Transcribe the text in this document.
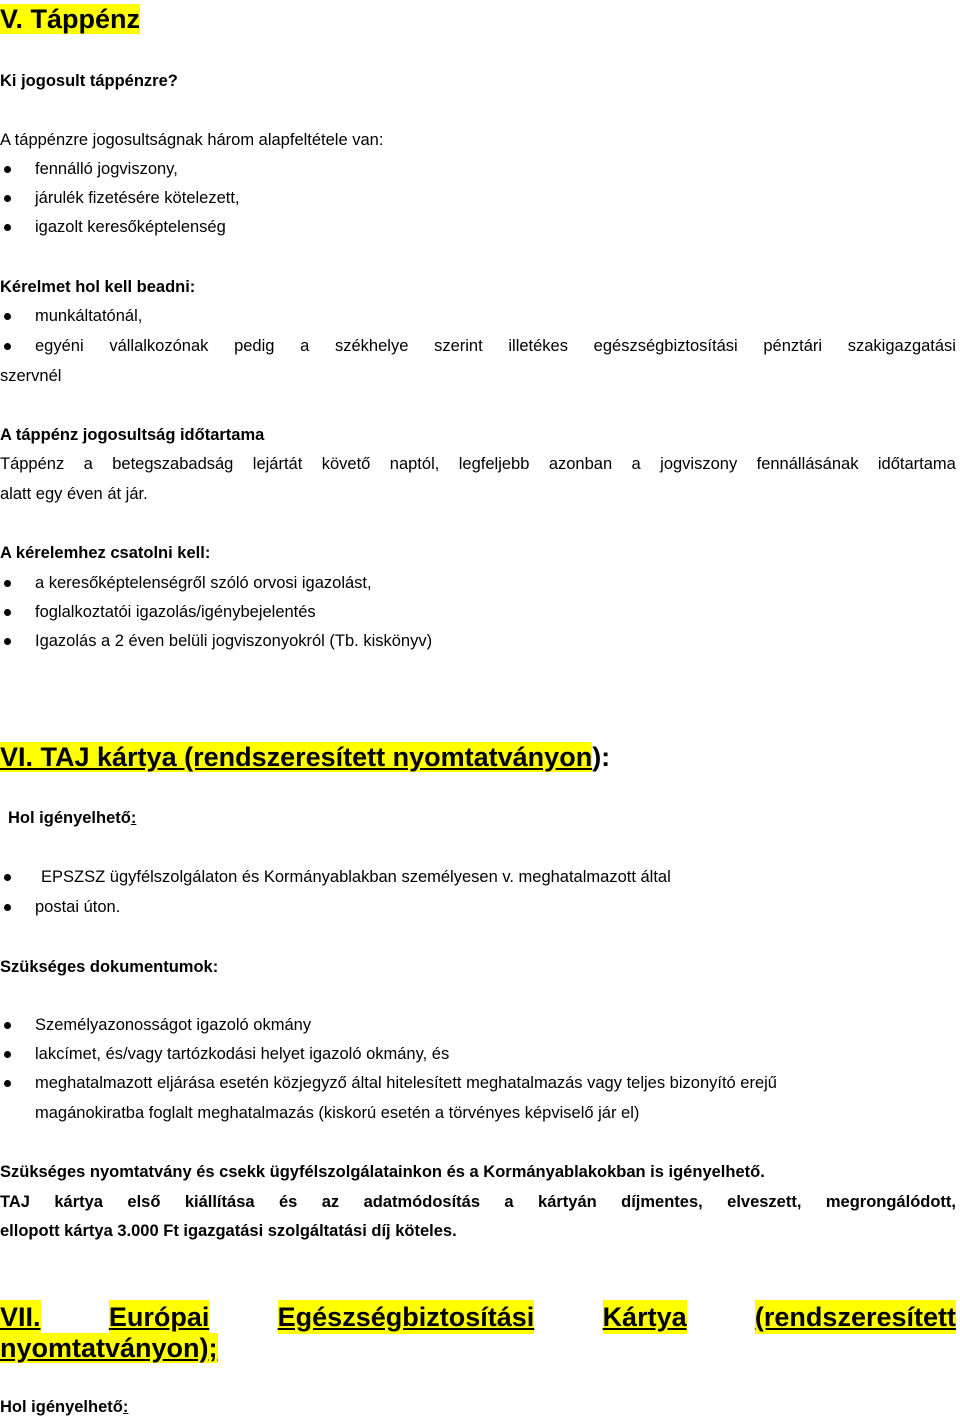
V. Táppénz
Ki jogosult táppénzre?
A táppénzre jogosultságnak három alapfeltétele van:
fennálló jogviszony,
járulék fizetésére kötelezett,
igazolt keresőképtelenség
Kérelmet hol kell beadni:
munkáltatónál,
egyéni vállalkozónak pedig a székhelye szerint illetékes egészségbiztosítási pénztári szakigazgatási
szervnél
A táppénz jogosultság időtartama
Táppénz a betegszabadság lejártát követő naptól, legfeljebb azonban a jogviszony fennállásának időtartama
alatt egy éven át jár.
A kérelemhez csatolni kell:
a keresőképtelenségről szóló orvosi igazolást,
foglalkoztatói igazolás/igénybejelentés
Igazolás a 2 éven belüli jogviszonyokról (Tb. kiskönyv)
VI. TAJ kártya (rendszeresített nyomtatványon):
Hol igényelhető:
EPSZSZ ügyfélszolgálaton és Kormányablakban személyesen v. meghatalmazott által
postai úton.
Szükséges dokumentumok:
Személyazonosságot igazoló okmány
lakcímet, és/vagy tartózkodási helyet igazoló okmány, és
meghatalmazott eljárása esetén közjegyző által hitelesített meghatalmazás vagy teljes bizonyító erejű
magánokiratba foglalt meghatalmazás (kiskorú esetén a törvényes képviselő jár el)
Szükséges nyomtatvány és csekk ügyfélszolgálatainkon és a Kormányablakokban is igényelhető.
TAJ kártya első kiállítása és az adatmódosítás a kártyán díjmentes, elveszett, megrongálódott,
ellopott kártya 3.000 Ft igazgatási szolgáltatási díj köteles.
VII.	Európai	Egészségbiztosítási	Kártya	(rendszeresített
nyomtatványon);
Hol igényelhető:
